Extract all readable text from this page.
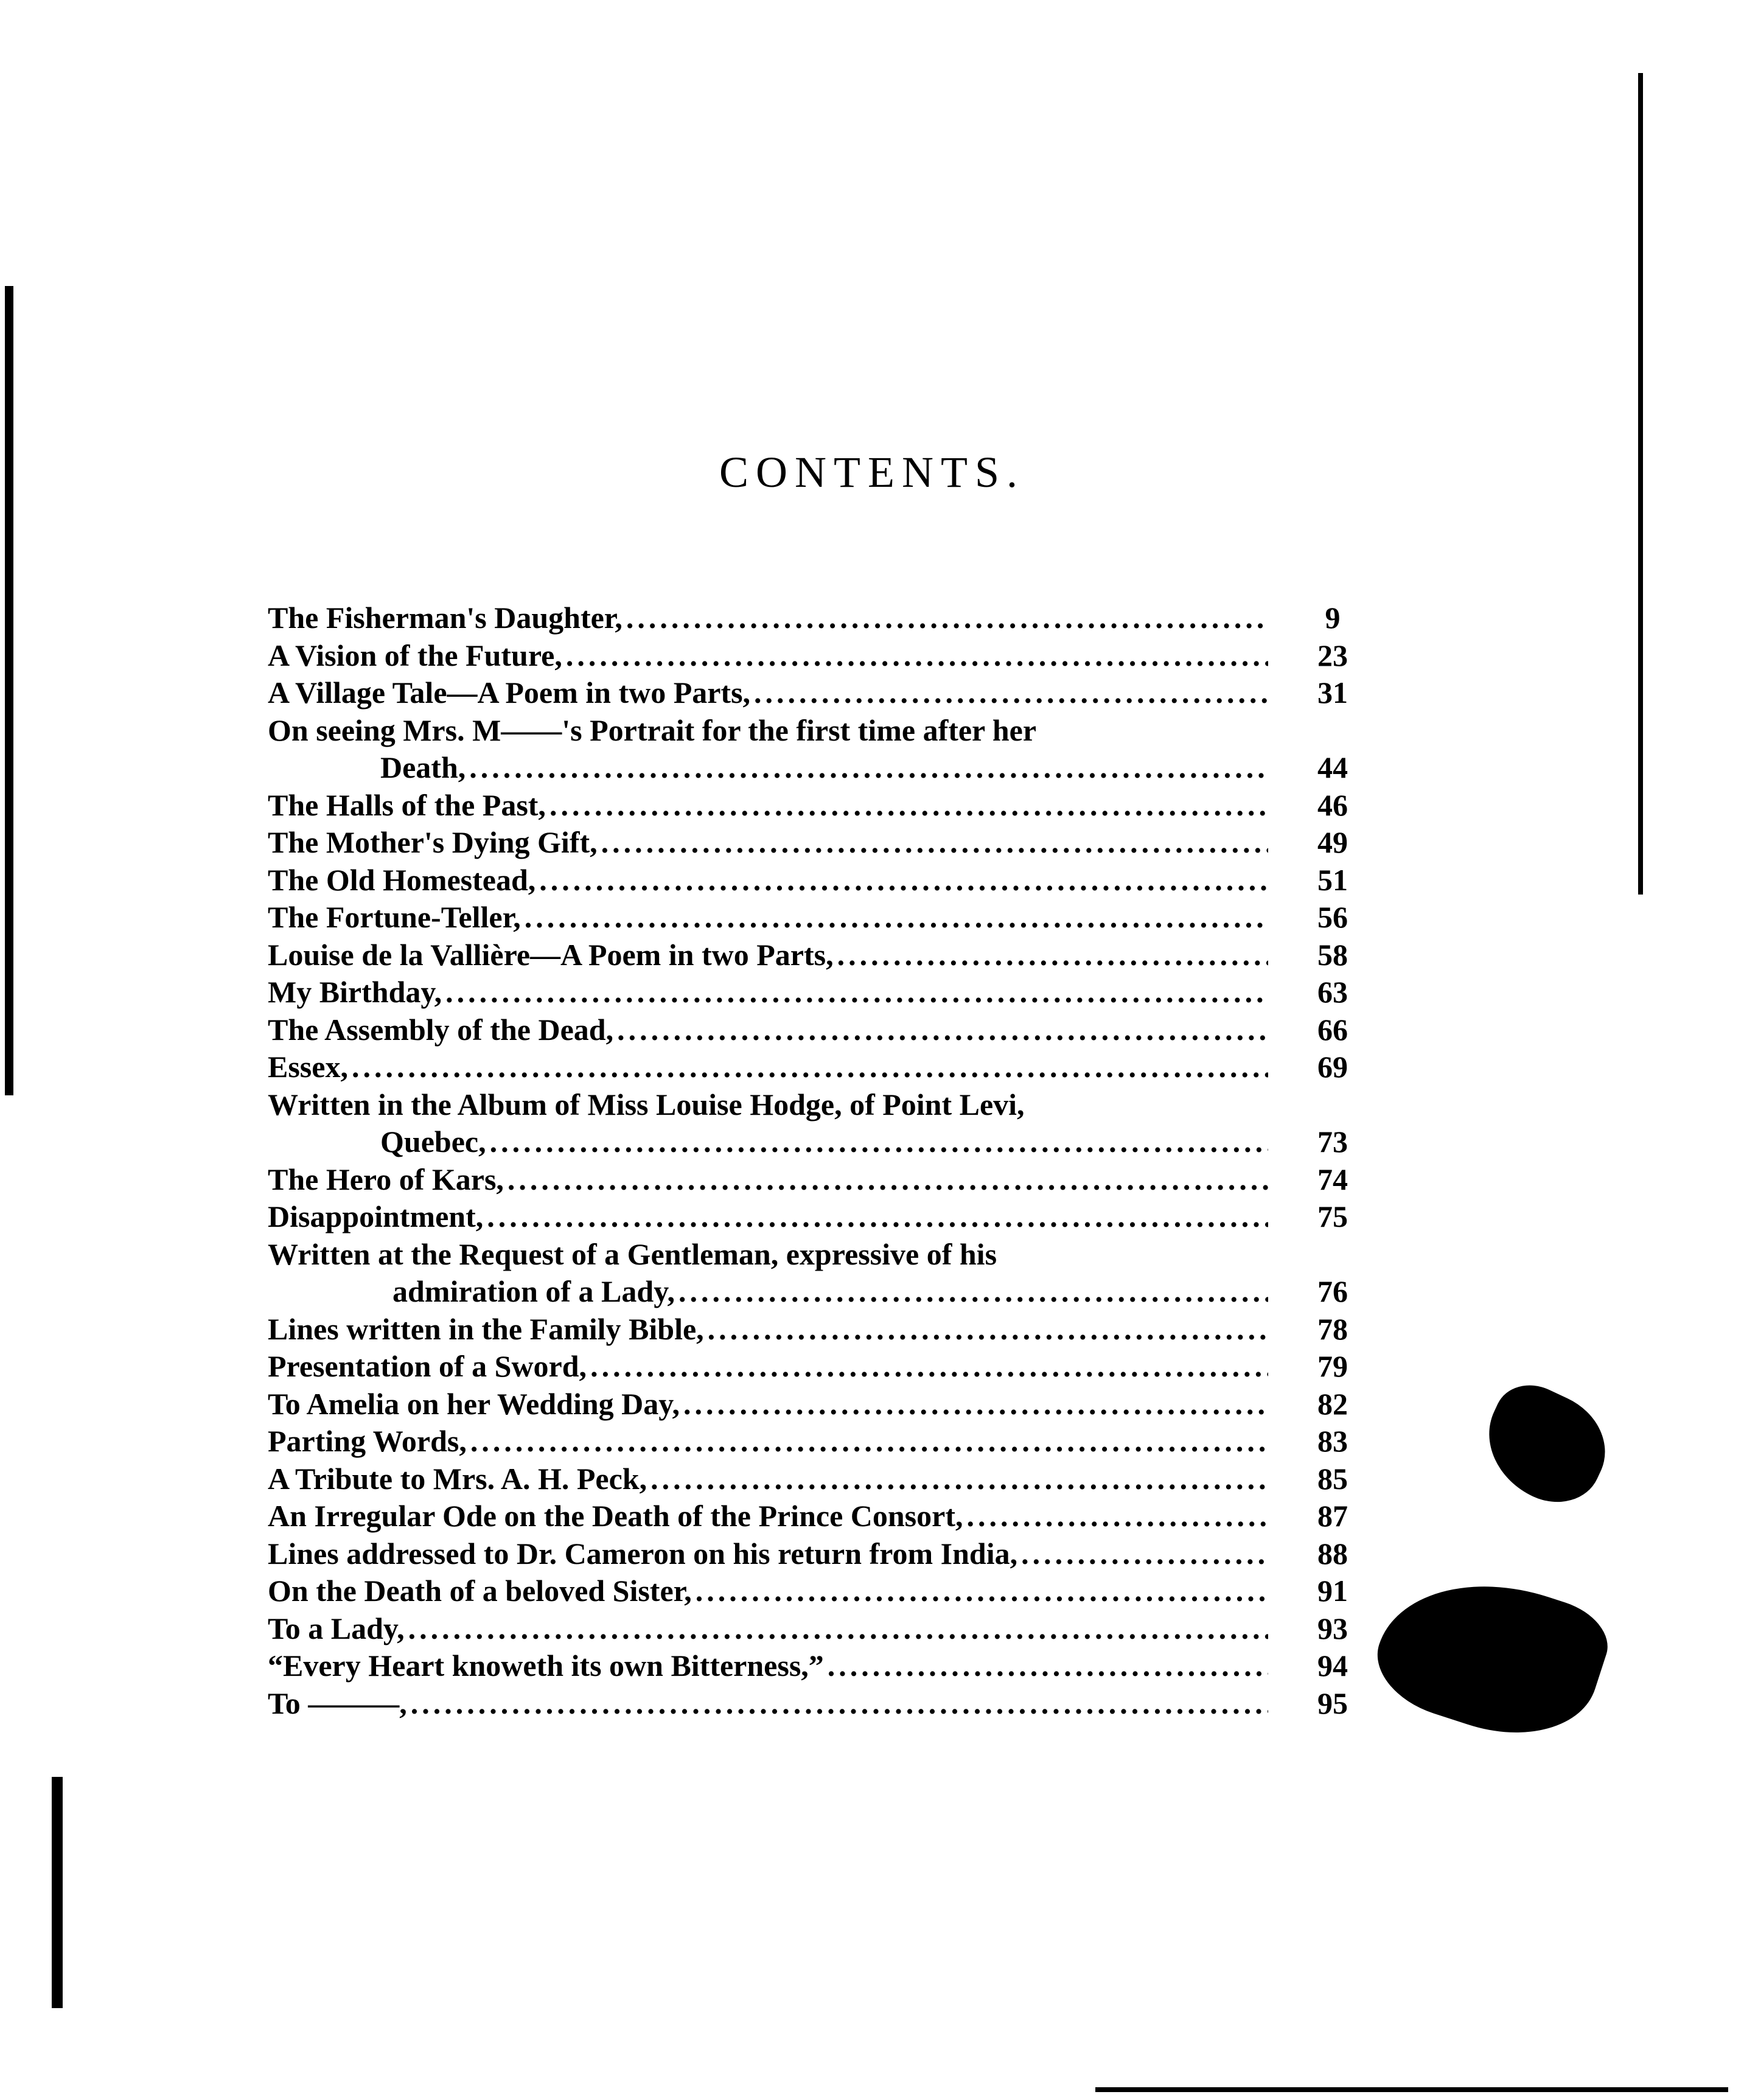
CONTENTS.
The Fisherman's Daughter, .....	9
A Vision of the Future, .....	23
A Village Tale—A Poem in two Parts, .....	31
On seeing Mrs. M——'s Portrait for the first time after her
Death, .....	44
The Halls of the Past, .....	46
The Mother's Dying Gift, .....	49
The Old Homestead, .....	51
The Fortune-Teller, .....	56
Louise de la Vallière—A Poem in two Parts, .....	58
My Birthday, .....	63
The Assembly of the Dead, .....	66
Essex, .....	69
Written in the Album of Miss Louise Hodge, of Point Levi,
Quebec, .....	73
The Hero of Kars, .....	74
Disappointment, .....	75
Written at the Request of a Gentleman, expressive of his
admiration of a Lady, .....	76
Lines written in the Family Bible, .....	78
Presentation of a Sword, .....	79
To Amelia on her Wedding Day, .....	82
Parting Words, .....	83
A Tribute to Mrs. A. H. Peck, .....	85
An Irregular Ode on the Death of the Prince Consort, .....	87
Lines addressed to Dr. Cameron on his return from India, .....	88
On the Death of a beloved Sister, .....	91
To a Lady, .....	93
“Every Heart knoweth its own Bitterness,” .....	94
To ———, .....	95
